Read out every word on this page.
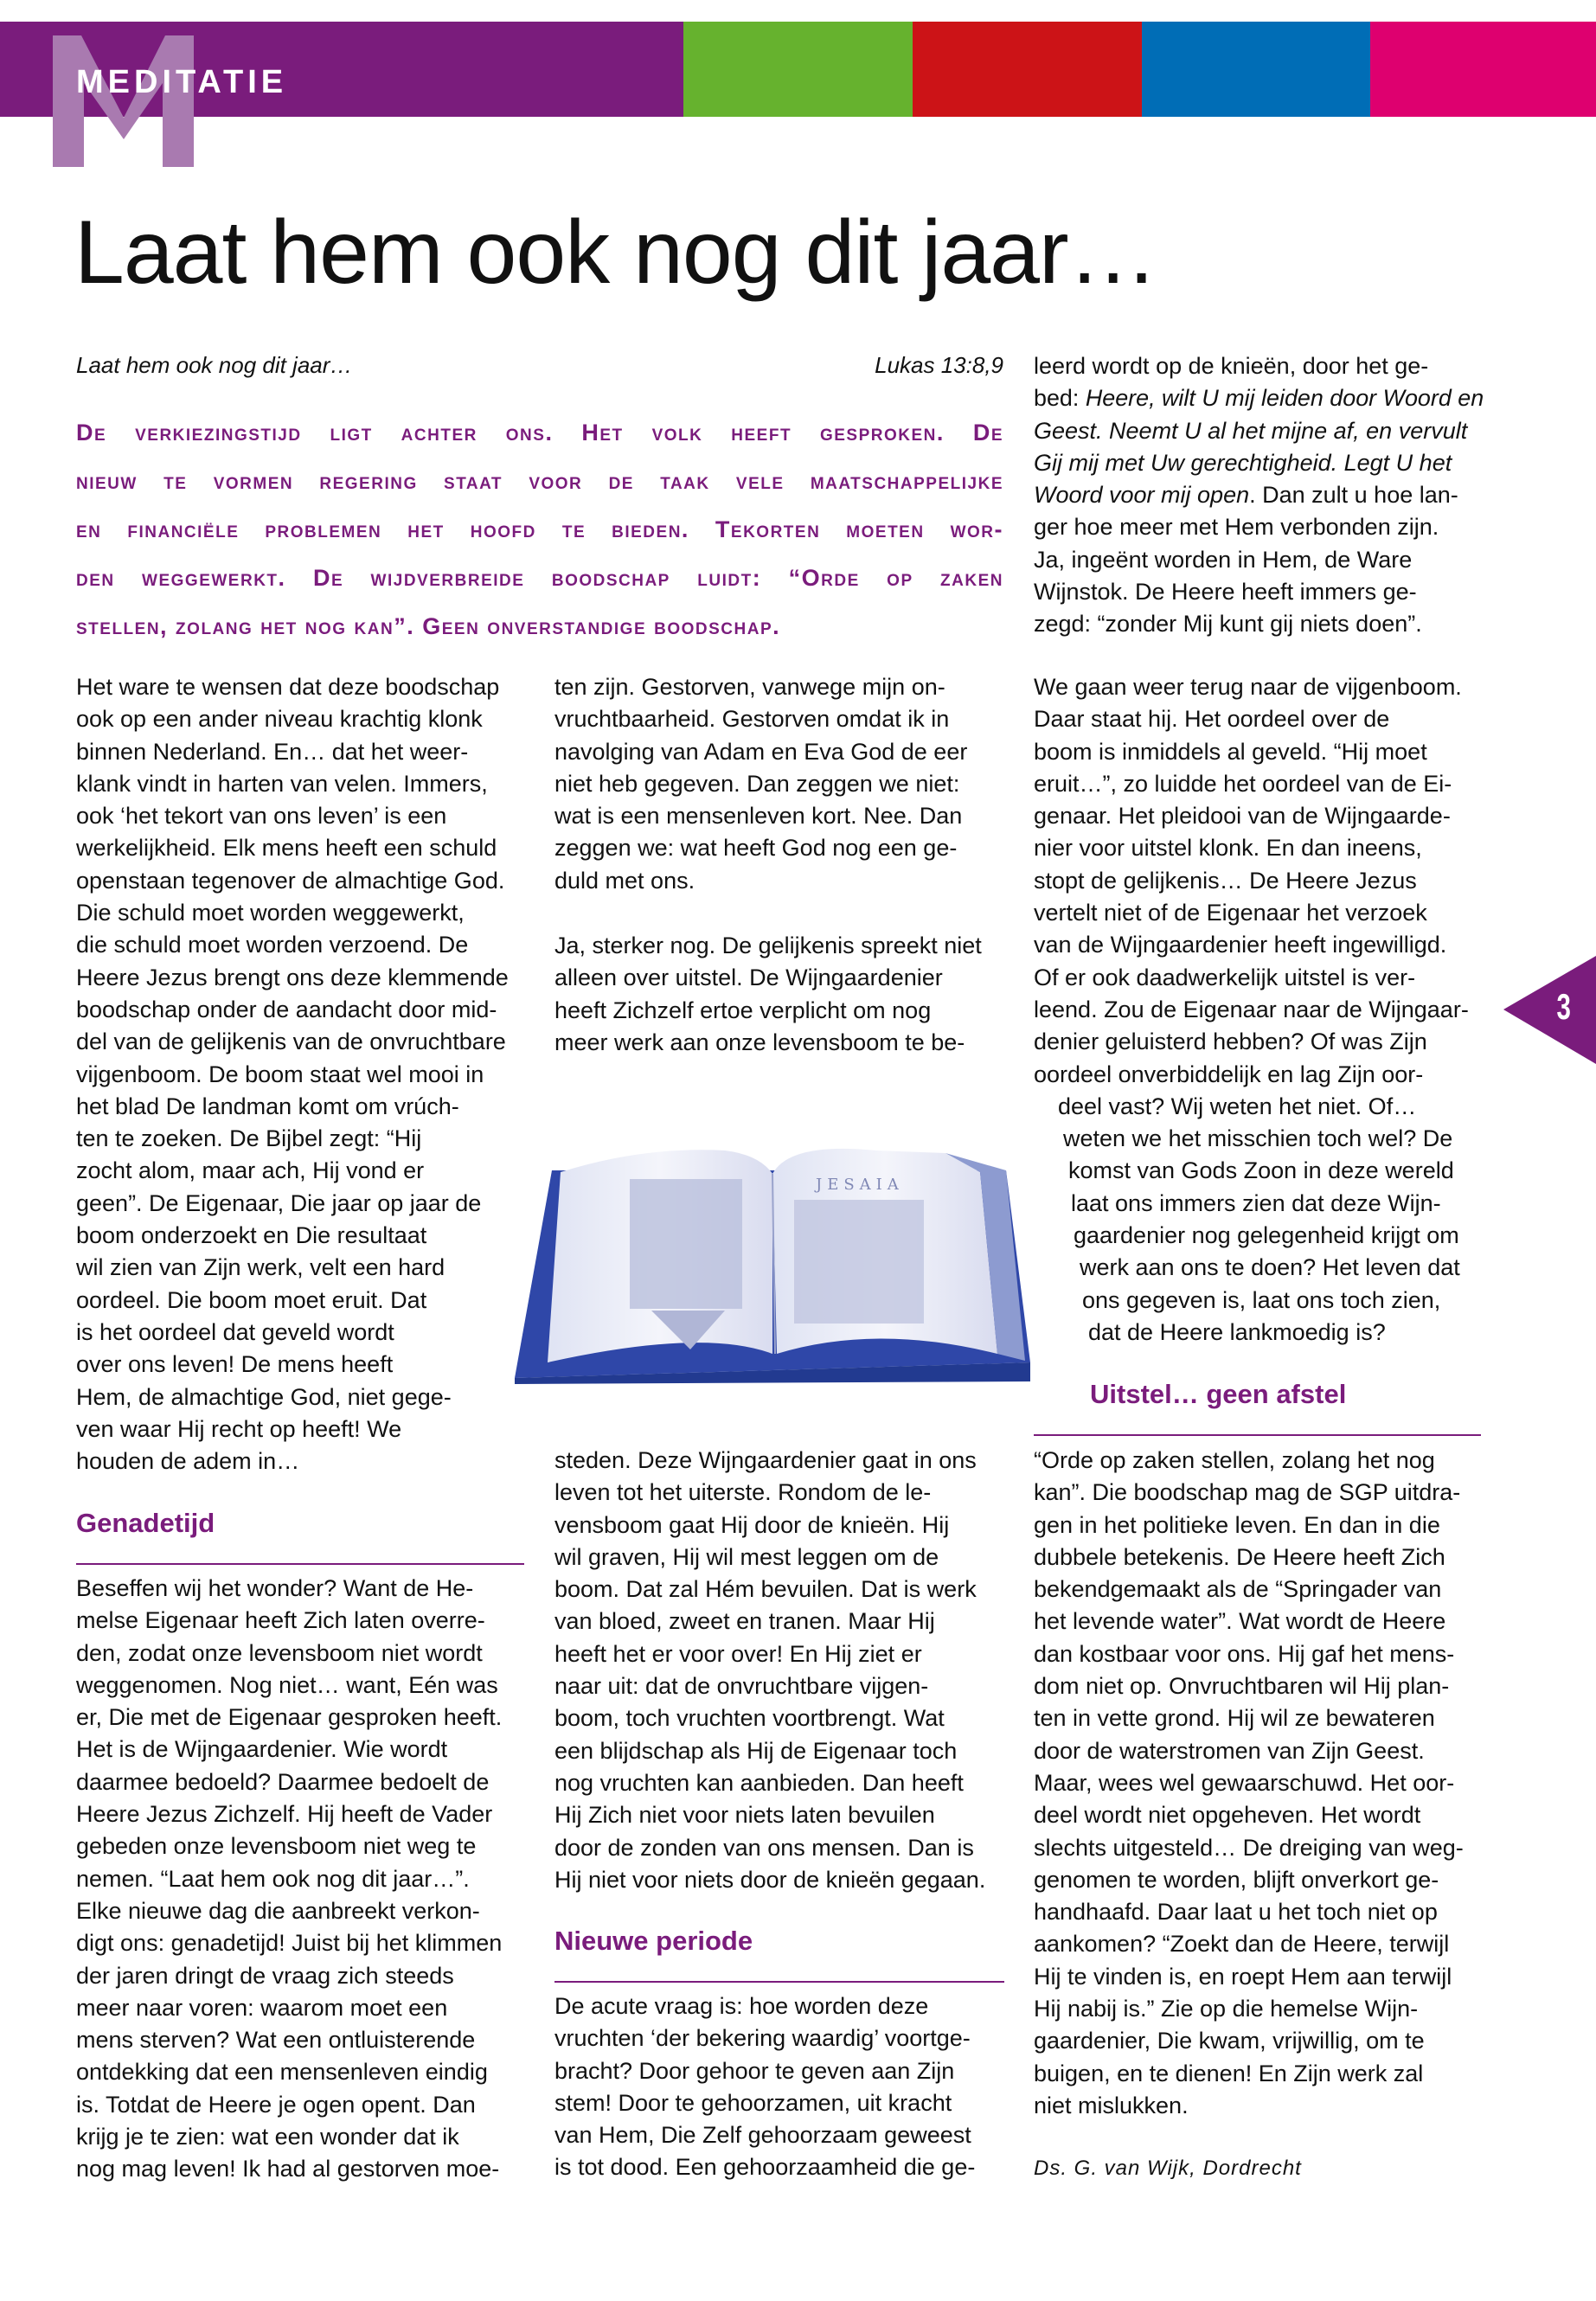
MEDITATIE
Laat hem ook nog dit jaar…
Laat hem ook nog dit jaar…	Lukas 13:8,9
De verkiezingstijd ligt achter ons. Het volk heeft gesproken. De
nieuw te vormen regering staat voor de taak vele maatschappelijke
en financiële problemen het hoofd te bieden. Tekorten moeten wor-
den weggewerkt. De wijdverbreide boodschap luidt: “Orde op zaken
stellen, zolang het nog kan”. Geen onverstandige boodschap.
Het ware te wensen dat deze boodschap
ook op een ander niveau krachtig klonk
binnen Nederland. En… dat het weer-
klank vindt in harten van velen. Immers,
ook ‘het tekort van ons leven’ is een
werkelijkheid. Elk mens heeft een schuld
openstaan tegenover de almachtige God.
Die schuld moet worden weggewerkt,
die schuld moet worden verzoend. De
Heere Jezus brengt ons deze klemmende
boodschap onder de aandacht door mid-
del van de gelijkenis van de onvruchtbare
vijgenboom. De boom staat wel mooi in
het blad De landman komt om vrúch-
ten te zoeken. De Bijbel zegt: “Hij
zocht alom, maar ach, Hij vond er
geen”. De Eigenaar, Die jaar op jaar de
boom onderzoekt en Die resultaat
wil zien van Zijn werk, velt een hard
oordeel. Die boom moet eruit. Dat
is het oordeel dat geveld wordt
over ons leven! De mens heeft
Hem, de almachtige God, niet gege-
ven waar Hij recht op heeft! We
houden de adem in…
Genadetijd
Beseffen wij het wonder? Want de He-
melse Eigenaar heeft Zich laten overre-
den, zodat onze levensboom niet wordt
weggenomen. Nog niet… want, Eén was
er, Die met de Eigenaar gesproken heeft.
Het is de Wijngaardenier. Wie wordt
daarmee bedoeld? Daarmee bedoelt de
Heere Jezus Zichzelf. Hij heeft de Vader
gebeden onze levensboom niet weg te
nemen. “Laat hem ook nog dit jaar…”.
Elke nieuwe dag die aanbreekt verkon-
digt ons: genadetijd! Juist bij het klimmen
der jaren dringt de vraag zich steeds
meer naar voren: waarom moet een
mens sterven? Wat een ontluisterende
ontdekking dat een mensenleven eindig
is. Totdat de Heere je ogen opent. Dan
krijg je te zien: wat een wonder dat ik
nog mag leven! Ik had al gestorven moe-
ten zijn. Gestorven, vanwege mijn on-
vruchtbaarheid. Gestorven omdat ik in
navolging van Adam en Eva God de eer
niet heb gegeven. Dan zeggen we niet:
wat is een mensenleven kort. Nee. Dan
zeggen we: wat heeft God nog een ge-
duld met ons.
Ja, sterker nog. De gelijkenis spreekt niet
alleen over uitstel. De Wijngaardenier
heeft Zichzelf ertoe verplicht om nog
meer werk aan onze levensboom te be-
JESAIA
steden. Deze Wijngaardenier gaat in ons
leven tot het uiterste. Rondom de le-
vensboom gaat Hij door de knieën. Hij
wil graven, Hij wil mest leggen om de
boom. Dat zal Hém bevuilen. Dat is werk
van bloed, zweet en tranen. Maar Hij
heeft het er voor over! En Hij ziet er
naar uit: dat de onvruchtbare vijgen-
boom, toch vruchten voortbrengt. Wat
een blijdschap als Hij de Eigenaar toch
nog vruchten kan aanbieden. Dan heeft
Hij Zich niet voor niets laten bevuilen
door de zonden van ons mensen. Dan is
Hij niet voor niets door de knieën gegaan.
Nieuwe periode
De acute vraag is: hoe worden deze
vruchten ‘der bekering waardig’ voortge-
bracht? Door gehoor te geven aan Zijn
stem! Door te gehoorzamen, uit kracht
van Hem, Die Zelf gehoorzaam geweest
is tot dood. Een gehoorzaamheid die ge-
leerd wordt op de knieën, door het ge-
bed: Heere, wilt U mij leiden door Woord en
Geest. Neemt U al het mijne af, en vervult
Gij mij met Uw gerechtigheid. Legt U het
Woord voor mij open. Dan zult u hoe lan-
ger hoe meer met Hem verbonden zijn.
Ja, ingeënt worden in Hem, de Ware
Wijnstok. De Heere heeft immers ge-
zegd: “zonder Mij kunt gij niets doen”.
We gaan weer terug naar de vijgenboom.
Daar staat hij. Het oordeel over de
boom is inmiddels al geveld. “Hij moet
eruit…”, zo luidde het oordeel van de Ei-
genaar. Het pleidooi van de Wijngaarde-
nier voor uitstel klonk. En dan ineens,
stopt de gelijkenis… De Heere Jezus
vertelt niet of de Eigenaar het verzoek
van de Wijngaardenier heeft ingewilligd.
Of er ook daadwerkelijk uitstel is ver-
leend. Zou de Eigenaar naar de Wijngaar-
denier geluisterd hebben? Of was Zijn
oordeel onverbiddelijk en lag Zijn oor-
deel vast? Wij weten het niet. Of…
weten we het misschien toch wel? De
komst van Gods Zoon in deze wereld
laat ons immers zien dat deze Wijn-
gaardenier nog gelegenheid krijgt om
werk aan ons te doen? Het leven dat
ons gegeven is, laat ons toch zien,
dat de Heere lankmoedig is?
Uitstel… geen afstel
“Orde op zaken stellen, zolang het nog
kan”. Die boodschap mag de SGP uitdra-
gen in het politieke leven. En dan in die
dubbele betekenis. De Heere heeft Zich
bekendgemaakt als de “Springader van
het levende water”. Wat wordt de Heere
dan kostbaar voor ons. Hij gaf het mens-
dom niet op. Onvruchtbaren wil Hij plan-
ten in vette grond. Hij wil ze bewateren
door de waterstromen van Zijn Geest.
Maar, wees wel gewaarschuwd. Het oor-
deel wordt niet opgeheven. Het wordt
slechts uitgesteld… De dreiging van weg-
genomen te worden, blijft onverkort ge-
handhaafd. Daar laat u het toch niet op
aankomen? “Zoekt dan de Heere, terwijl
Hij te vinden is, en roept Hem aan terwijl
Hij nabij is.” Zie op die hemelse Wijn-
gaardenier, Die kwam, vrijwillig, om te
buigen, en te dienen! En Zijn werk zal
niet mislukken.
Ds. G. van Wijk, Dordrecht
3
